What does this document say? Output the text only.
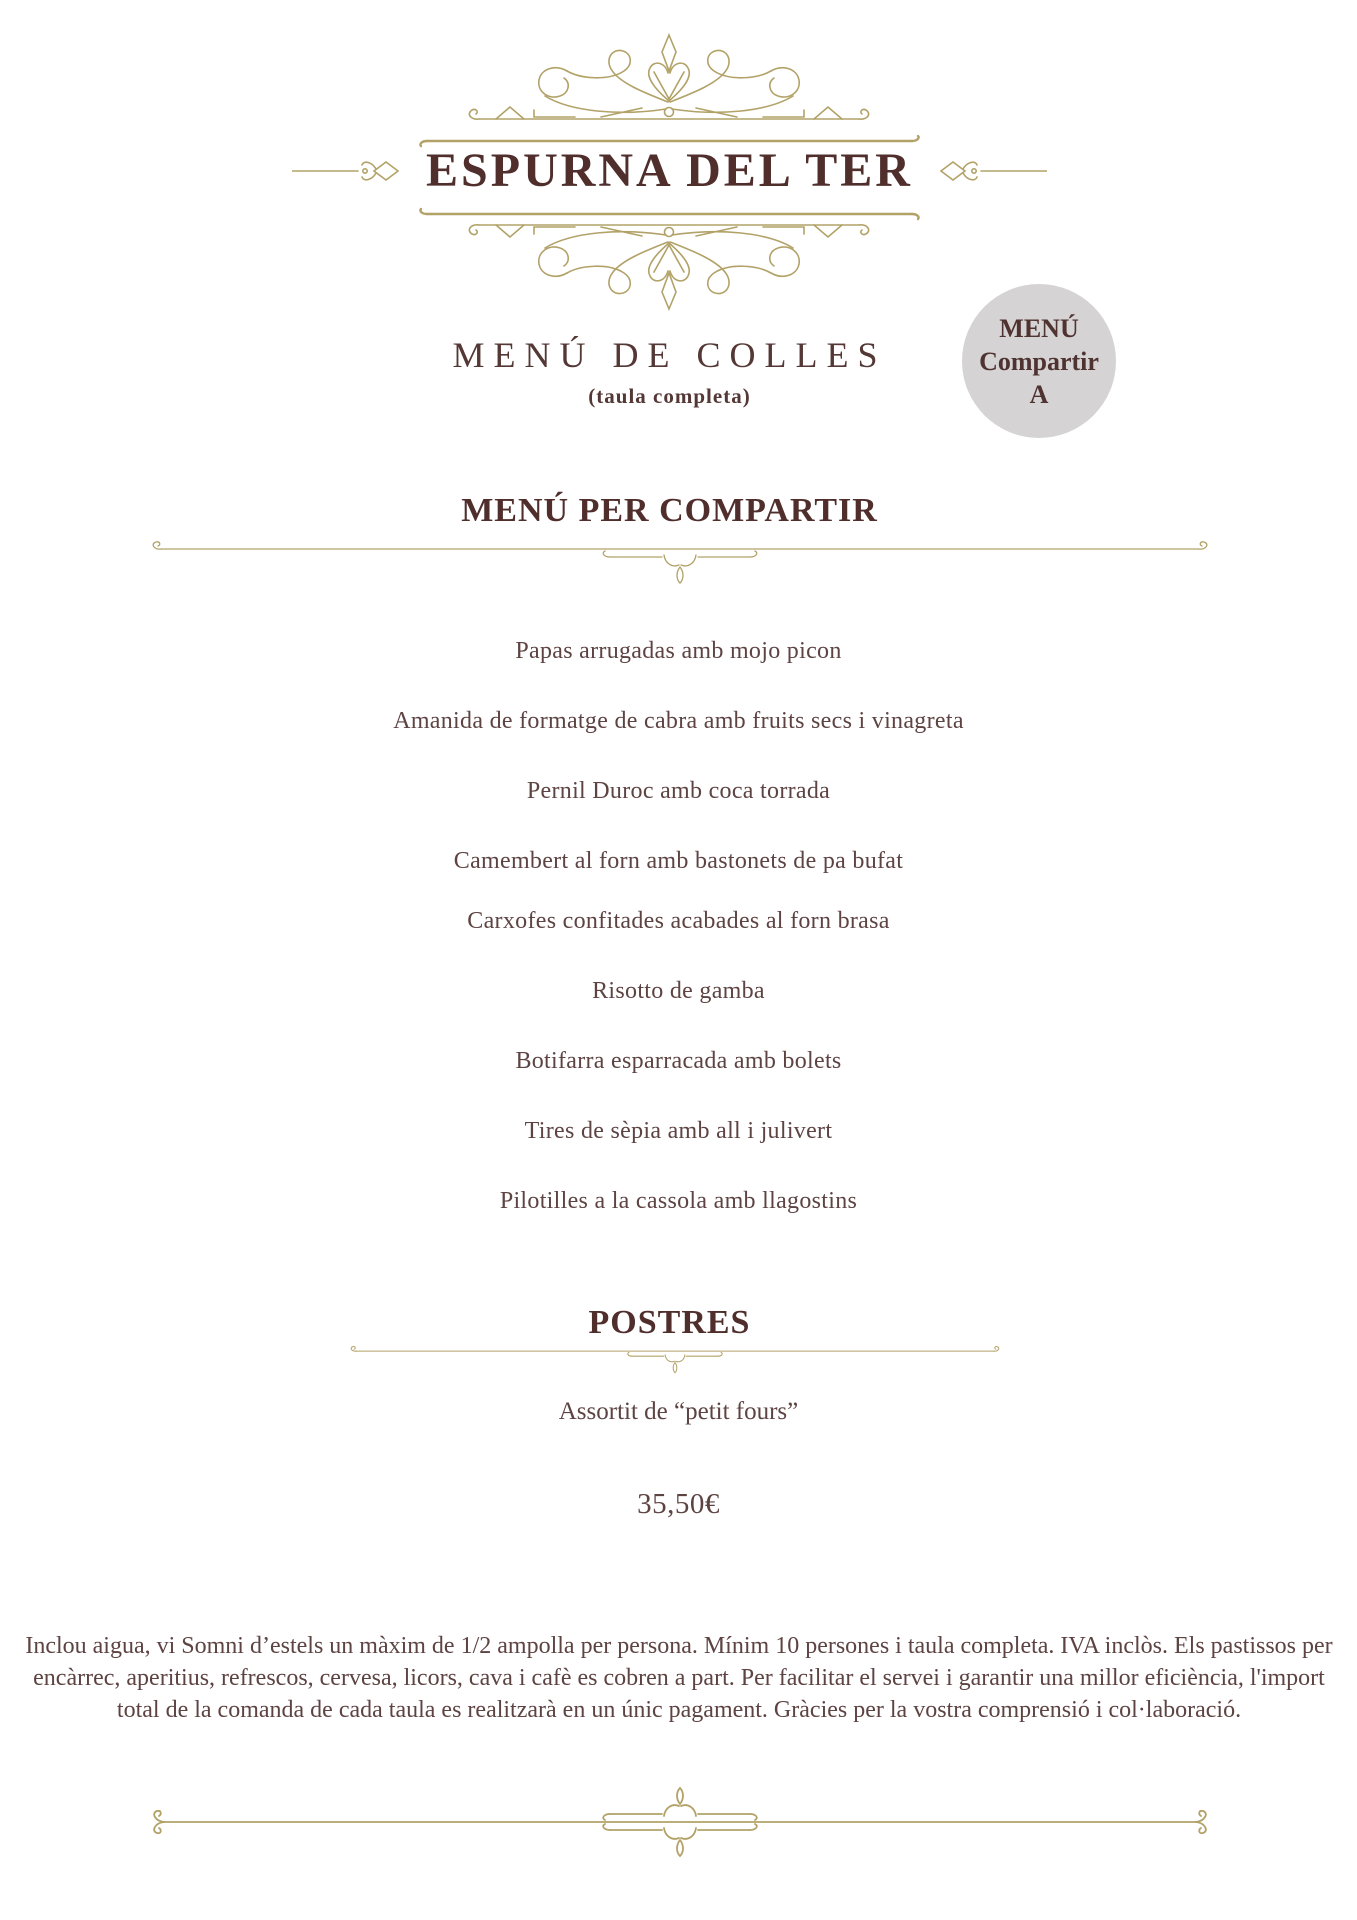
ESPURNA DEL TER
MENÚ DE COLLES
(taula completa)
MENÚ
Compartir
A
MENÚ PER COMPARTIR
Papas arrugadas amb mojo picon
Amanida de formatge de cabra amb fruits secs i vinagreta
Pernil Duroc amb coca torrada
Camembert al forn amb bastonets de pa bufat
Carxofes confitades acabades al forn brasa
Risotto de gamba
Botifarra esparracada amb bolets
Tires de sèpia amb all i julivert
Pilotilles a la cassola amb llagostins
POSTRES
Assortit de “petit fours”
35,50€
Inclou aigua, vi Somni d’estels un màxim de 1/2 ampolla per persona. Mínim 10 persones i taula completa. IVA inclòs. Els pastissos per encàrrec, aperitius, refrescos, cervesa, licors, cava i cafè es cobren a part. Per facilitar el servei i garantir una millor eficiència, l'import total de la comanda de cada taula es realitzarà en un únic pagament. Gràcies per la vostra comprensió i col·laboració.
